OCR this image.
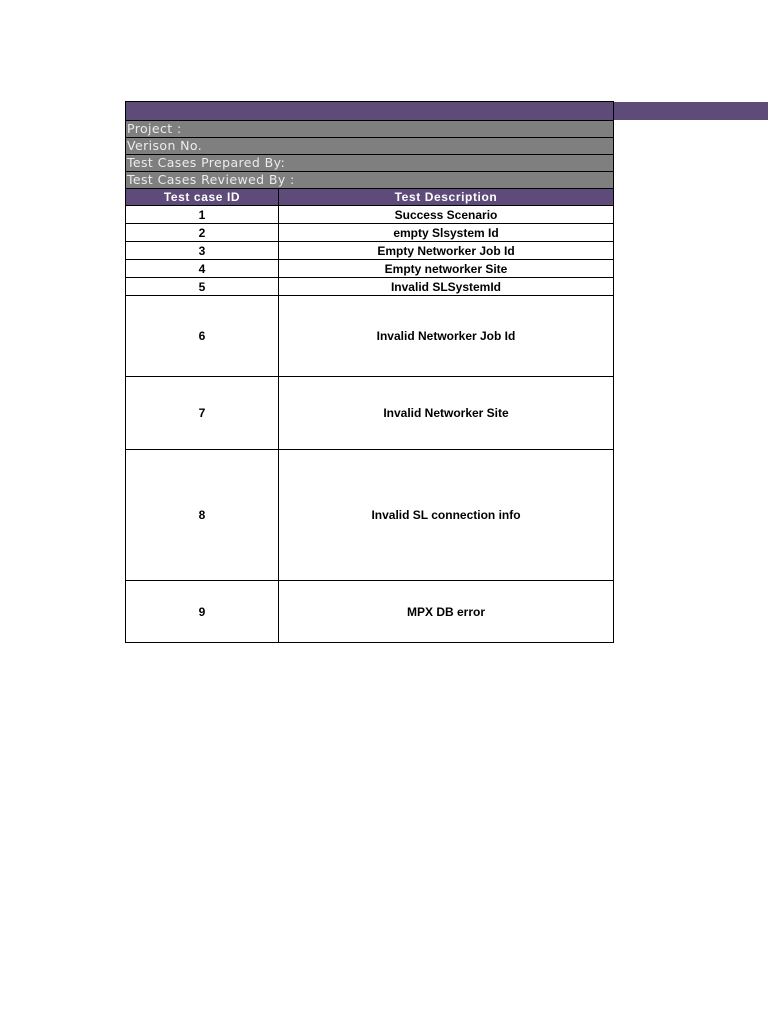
Project :	
Verison No.	
Test Cases Prepared By:	
Test Cases Reviewed By :	
Test case ID	Test Description
1	Success Scenario
2	empty Slsystem Id
3	Empty Networker Job Id
4	Empty networker Site
5	Invalid SLSystemId
6	Invalid Networker Job Id
7	Invalid Networker Site
8	Invalid SL connection info
9	MPX DB error
